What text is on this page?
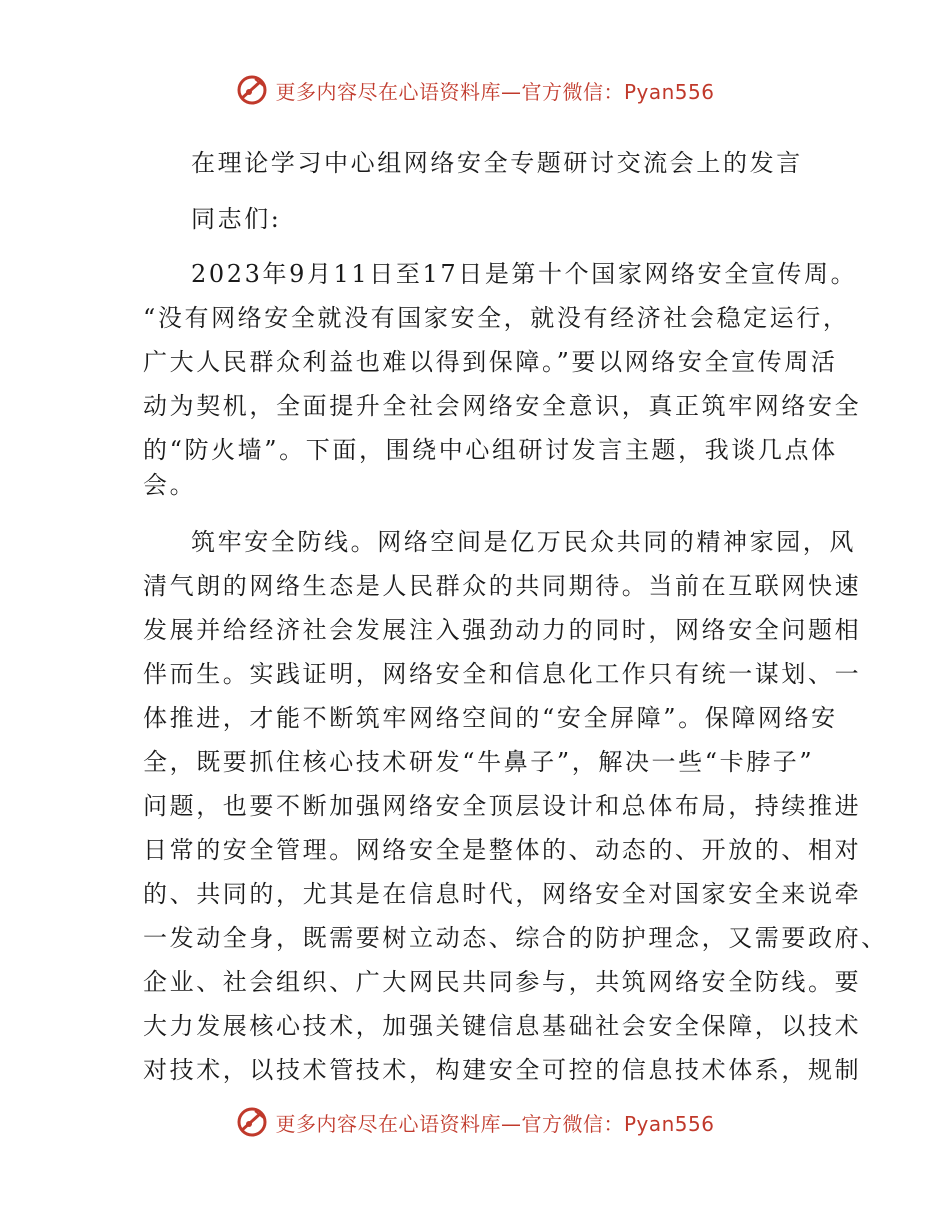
更多内容尽在心语资料库—官方微信：Pyan556
在理论学习中心组网络安全专题研讨交流会上的发言
同志们:
2023年9月11日至17日是第十个国家网络安全宣传周。
“没有网络安全就没有国家安全，就没有经济社会稳定运行，
广大人民群众利益也难以得到保障。”要以网络安全宣传周活
动为契机，全面提升全社会网络安全意识，真正筑牢网络安全
的“防火墙”。下面，围绕中心组研讨发言主题，我谈几点体
会。
筑牢安全防线。网络空间是亿万民众共同的精神家园，风
清气朗的网络生态是人民群众的共同期待。当前在互联网快速
发展并给经济社会发展注入强劲动力的同时，网络安全问题相
伴而生。实践证明，网络安全和信息化工作只有统一谋划、一
体推进，才能不断筑牢网络空间的“安全屏障”。保障网络安
全，既要抓住核心技术研发“牛鼻子”，解决一些“卡脖子”
问题，也要不断加强网络安全顶层设计和总体布局，持续推进
日常的安全管理。网络安全是整体的、动态的、开放的、相对
的、共同的，尤其是在信息时代，网络安全对国家安全来说牵
一发动全身，既需要树立动态、综合的防护理念，又需要政府、
企业、社会组织、广大网民共同参与，共筑网络安全防线。要
大力发展核心技术，加强关键信息基础社会安全保障，以技术
对技术，以技术管技术，构建安全可控的信息技术体系，规制
更多内容尽在心语资料库—官方微信：Pyan556
